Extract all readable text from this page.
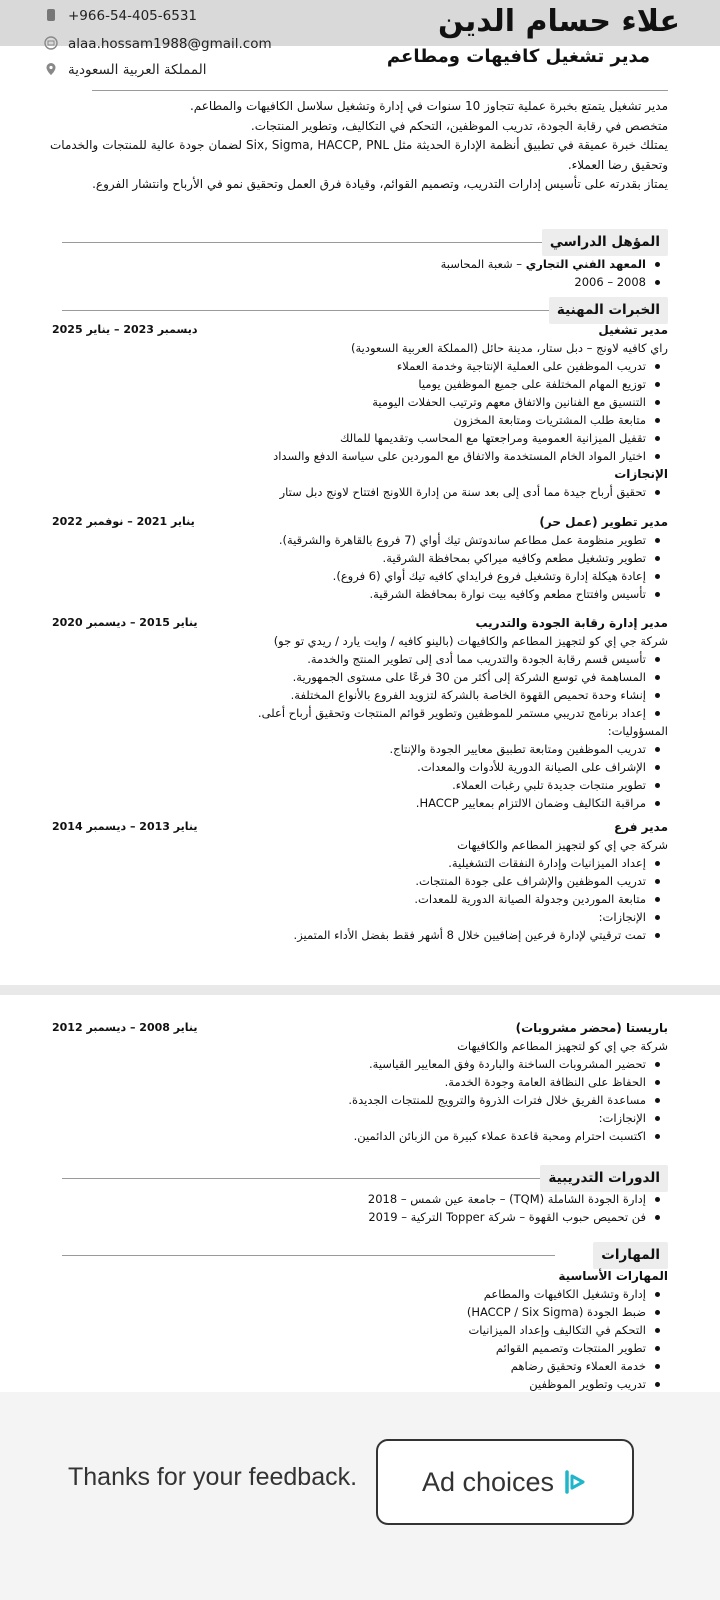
+966-54-405-6531
alaa.hossam1988@gmail.com
المملكة العربية السعودية
علاء حسام الدين
مدير تشغيل كافيهات ومطاعم

مدير تشغيل يتمتع بخبرة عملية تتجاوز 10 سنوات في إدارة وتشغيل سلاسل الكافيهات والمطاعم.

متخصص في رقابة الجودة، تدريب الموظفين، التحكم في التكاليف، وتطوير المنتجات.

يمتلك خبرة عميقة في تطبيق أنظمة الإدارة الحديثة مثل Six, Sigma, HACCP, PNL لضمان جودة عالية للمنتجات والخدمات وتحقيق رضا العملاء.

يمتاز بقدرته على تأسيس إدارات التدريب، وتصميم القوائم، وقيادة فرق العمل وتحقيق نمو في الأرباح وانتشار الفروع.

المؤهل الدراسي
المعهد الفني التجاري – شعبة المحاسبة
2006 – 2008
الخبرات المهنية
مدير تشغيل
ديسمبر 2023 – يناير 2025
راي كافيه لاونج – دبل ستار، مدينة حائل (المملكة العربية السعودية)
تدريب الموظفين على العملية الإنتاجية وخدمة العملاء
توزيع المهام المختلفة على جميع الموظفين يوميا
التنسيق مع الفنانين والاتفاق معهم وترتيب الحفلات اليومية
متابعة طلب المشتريات ومتابعة المخزون
تقفيل الميزانية العمومية ومراجعتها مع المحاسب وتقديمها للمالك
اختيار المواد الخام المستخدمة والاتفاق مع الموردين على سياسة الدفع والسداد
الإنجازات
تحقيق أرباح جيدة مما أدى إلى بعد سنة من إدارة اللاونج افتتاح لاونج دبل ستار
مدير تطوير (عمل حر)
يناير 2021 – نوفمبر 2022
تطوير منظومة عمل مطاعم ساندوتش تيك أواي (7 فروع بالقاهرة والشرقية).
تطوير وتشغيل مطعم وكافيه ميراكي بمحافظة الشرقية.
إعادة هيكلة إدارة وتشغيل فروع فرايداي كافيه تيك أواي (6 فروع).
تأسيس وافتتاح مطعم وكافيه بيت نوارة بمحافظة الشرقية.
مدير إدارة رقابة الجودة والتدريب
يناير 2015 – ديسمبر 2020
شركة جي إي كو لتجهيز المطاعم والكافيهات (بالينو كافيه / وايت يارد / ريدي تو جو)
تأسيس قسم رقابة الجودة والتدريب مما أدى إلى تطوير المنتج والخدمة.
المساهمة في توسع الشركة إلى أكثر من 30 فرعًا على مستوى الجمهورية.
إنشاء وحدة تحميص القهوة الخاصة بالشركة لتزويد الفروع بالأنواع المختلفة.
إعداد برنامج تدريبي مستمر للموظفين وتطوير قوائم المنتجات وتحقيق أرباح أعلى.
المسؤوليات:
تدريب الموظفين ومتابعة تطبيق معايير الجودة والإنتاج.
الإشراف على الصيانة الدورية للأدوات والمعدات.
تطوير منتجات جديدة تلبي رغبات العملاء.
مراقبة التكاليف وضمان الالتزام بمعايير HACCP.
مدير فرع
يناير 2013 – ديسمبر 2014
شركة جي إي كو لتجهيز المطاعم والكافيهات
إعداد الميزانيات وإدارة النفقات التشغيلية.
تدريب الموظفين والإشراف على جودة المنتجات.
متابعة الموردين وجدولة الصيانة الدورية للمعدات.
الإنجازات:
تمت ترقيتي لإدارة فرعين إضافيين خلال 8 أشهر فقط بفضل الأداء المتميز.
باريستا (محضر مشروبات)
يناير 2008 – ديسمبر 2012
شركة جي إي كو لتجهيز المطاعم والكافيهات
تحضير المشروبات الساخنة والباردة وفق المعايير القياسية.
الحفاظ على النظافة العامة وجودة الخدمة.
مساعدة الفريق خلال فترات الذروة والترويج للمنتجات الجديدة.
الإنجازات:
اكتسبت احترام ومحبة قاعدة عملاء كبيرة من الزبائن الدائمين.
الدورات التدريبية
إدارة الجودة الشاملة (TQM) – جامعة عين شمس – 2018
فن تحميص حبوب القهوة – شركة Topper التركية – 2019
المهارات
المهارات الأساسية
إدارة وتشغيل الكافيهات والمطاعم
ضبط الجودة (HACCP / Six Sigma)
التحكم في التكاليف وإعداد الميزانيات
تطوير المنتجات وتصميم القوائم
خدمة العملاء وتحقيق رضاهم
تدريب وتطوير الموظفين
Thanks for your feedback. Ad choices
